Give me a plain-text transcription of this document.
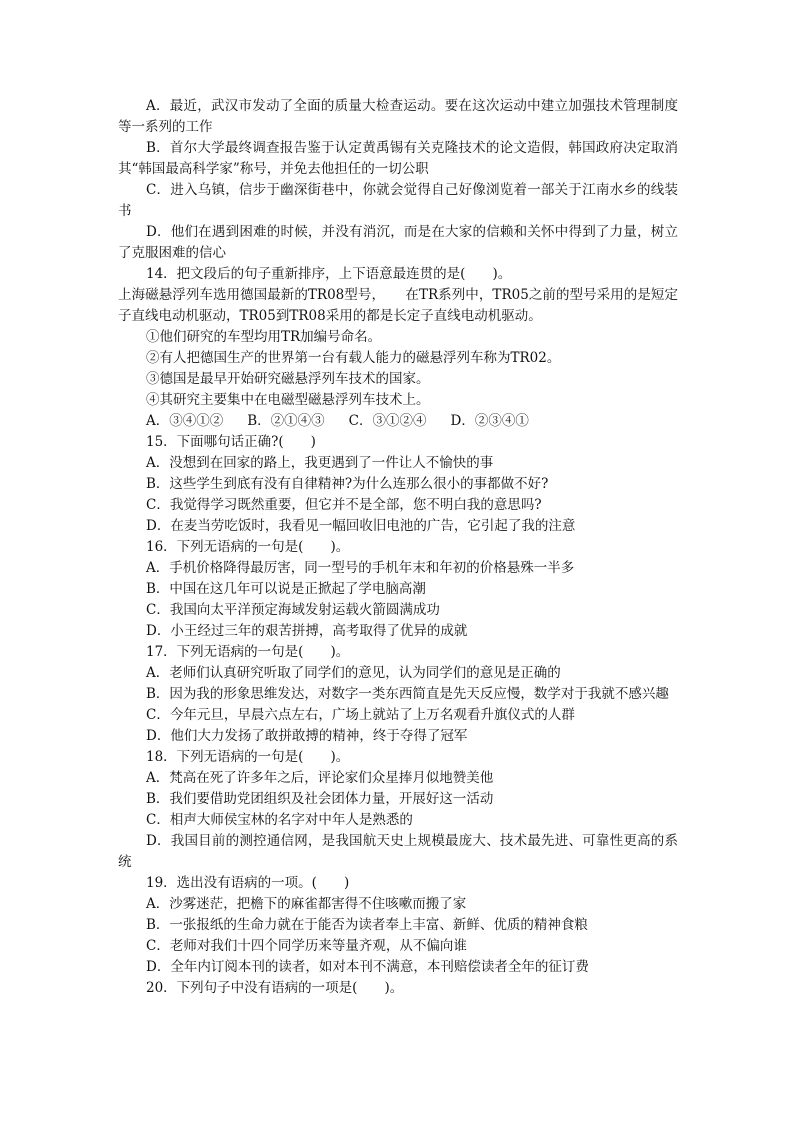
A．最近，武汉市发动了全面的质量大检查运动。要在这次运动中建立加强技术管理制度等一系列的工作

B．首尔大学最终调查报告鉴于认定黄禹锡有关克隆技术的论文造假，韩国政府决定取消其“韩国最高科学家”称号，并免去他担任的一切公职

C．进入乌镇，信步于幽深街巷中，你就会觉得自己好像浏览着一部关于江南水乡的线装书

D．他们在遇到困难的时候，并没有消沉，而是在大家的信赖和关怀中得到了力量，树立了克服困难的信心

14．把文段后的句子重新排序，上下语意最连贯的是(　　)。

上海磁悬浮列车选用德国最新的TR08型号，　　在TR系列中，TR05之前的型号采用的是短定子直线电动机驱动，TR05到TR08采用的都是长定子直线电动机驱动。

①他们研究的车型均用TR加编号命名。

②有人把德国生产的世界第一台有载人能力的磁悬浮列车称为TR02。

③德国是最早开始研究磁悬浮列车技术的国家。

④其研究主要集中在电磁型磁悬浮列车技术上。

A．③④①② B．②①④③ C．③①②④ D．②③④①

15．下面哪句话正确?(　　)

A．没想到在回家的路上，我更遇到了一件让人不愉快的事

B．这些学生到底有没有自律精神?为什么连那么很小的事都做不好?

C．我觉得学习既然重要，但它并不是全部，您不明白我的意思吗?

D．在麦当劳吃饭时，我看见一幅回收旧电池的广告，它引起了我的注意

16．下列无语病的一句是(　　)。

A．手机价格降得最厉害，同一型号的手机年末和年初的价格悬殊一半多

B．中国在这几年可以说是正掀起了学电脑高潮

C．我国向太平洋预定海域发射运载火箭圆满成功

D．小王经过三年的艰苦拼搏，高考取得了优异的成就

17．下列无语病的一句是(　　)。

A．老师们认真研究听取了同学们的意见，认为同学们的意见是正确的

B．因为我的形象思维发达，对数字一类东西简直是先天反应慢，数学对于我就不感兴趣

C．今年元旦，早晨六点左右，广场上就站了上万名观看升旗仪式的人群

D．他们大力发扬了敢拼敢搏的精神，终于夺得了冠军

18．下列无语病的一句是(　　)。

A．梵高在死了许多年之后，评论家们众星捧月似地赞美他

B．我们要借助党团组织及社会团体力量，开展好这一活动

C．相声大师侯宝林的名字对中年人是熟悉的

D．我国目前的测控通信网，是我国航天史上规模最庞大、技术最先进、可靠性更高的系统

19．选出没有语病的一项。(　　)

A．沙雾迷茫，把檐下的麻雀都害得不住咳嗽而搬了家

B．一张报纸的生命力就在于能否为读者奉上丰富、新鲜、优质的精神食粮

C．老师对我们十四个同学历来等量齐观，从不偏向谁

D．全年内订阅本刊的读者，如对本刊不满意，本刊赔偿读者全年的征订费

20．下列句子中没有语病的一项是(　　)。
